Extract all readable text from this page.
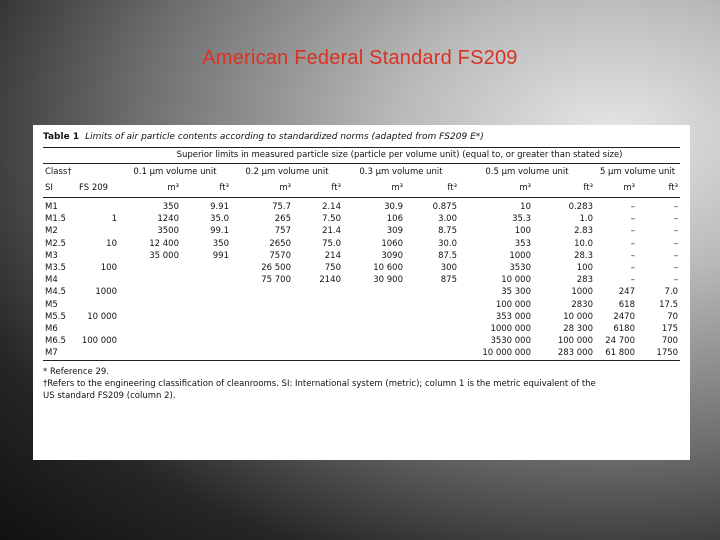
American Federal Standard FS209
Table 1 Limits of air particle contents according to standardized norms (adapted from FS209 E*)
		Superior limits in measured particle size (particle per volume unit) (equal to, or greater than stated size)									
Class†		0.1 μm volume unit		0.2 μm volume unit		0.3 μm volume unit		0.5 μm volume unit		5 μm volume unit	
SI	FS 209	m³	ft³	m³	ft³	m³	ft³	m³	ft³	m³	ft³
M1		350	9.91	75.7	2.14	30.9	0.875	10	0.283	–	–
M1.5	1	1240	35.0	265	7.50	106	3.00	35.3	1.0	–	–
M2		3500	99.1	757	21.4	309	8.75	100	2.83	–	–
M2.5	10	12 400	350	2650	75.0	1060	30.0	353	10.0	–	–
M3		35 000	991	7570	214	3090	87.5	1000	28.3	–	–
M3.5	100			26 500	750	10 600	300	3530	100	–	–
M4				75 700	2140	30 900	875	10 000	283	–	–
M4.5	1000							35 300	1000	247	7.0
M5								100 000	2830	618	17.5
M5.5	10 000							353 000	10 000	2470	70
M6								1000 000	28 300	6180	175
M6.5	100 000							3530 000	100 000	24 700	700
M7								10 000 000	283 000	61 800	1750
* Reference 29.
†Refers to the engineering classification of cleanrooms. SI: International system (metric); column 1 is the metric equivalent of the
US standard FS209 (column 2).
